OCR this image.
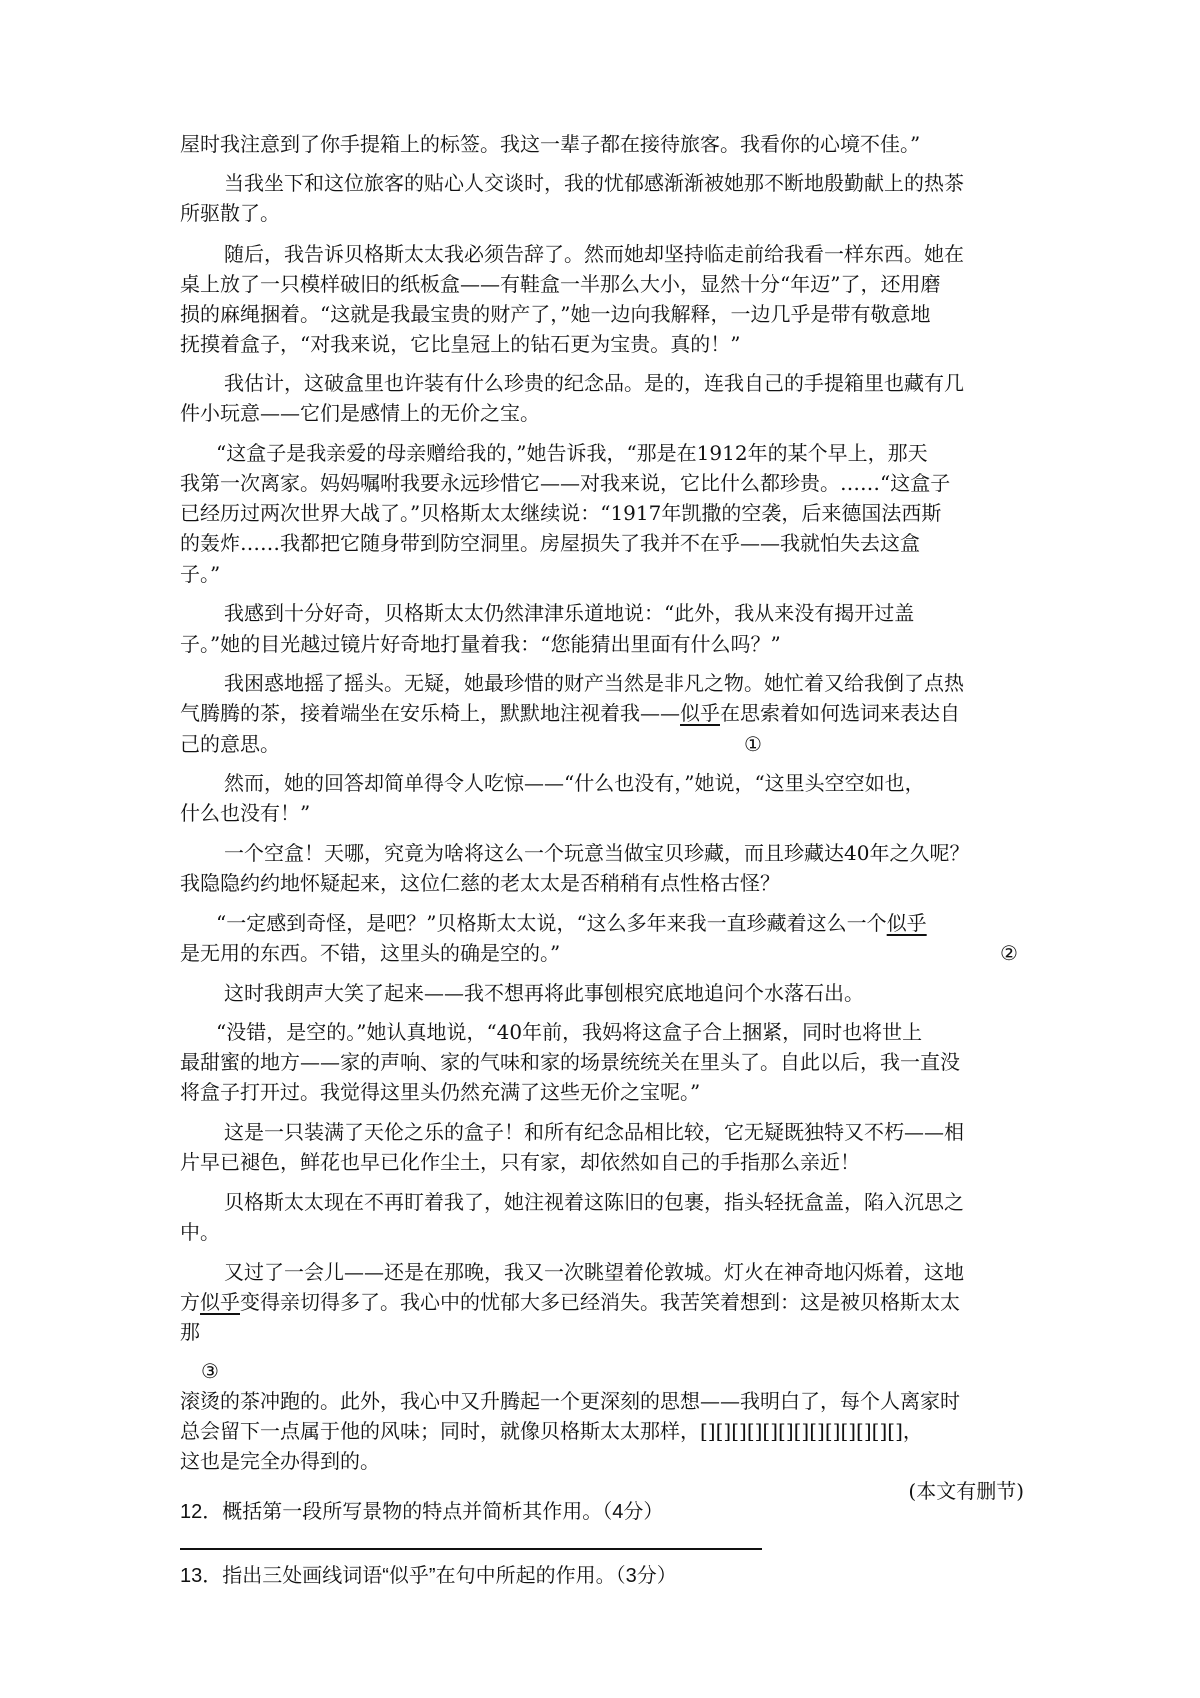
屋时我注意到了你手提箱上的标签。我这一辈子都在接待旅客。我看你的心境不佳。”
当我坐下和这位旅客的贴心人交谈时，我的忧郁感渐渐被她那不断地殷勤献上的热茶
所驱散了。
随后，我告诉贝格斯太太我必须告辞了。然而她却坚持临走前给我看一样东西。她在
桌上放了一只模样破旧的纸板盒——有鞋盒一半那么大小，显然十分“年迈”了，还用磨
损的麻绳捆着。“这就是我最宝贵的财产了，”她一边向我解释，一边几乎是带有敬意地
抚摸着盒子，“对我来说，它比皇冠上的钻石更为宝贵。真的！”
我估计，这破盒里也许装有什么珍贵的纪念品。是的，连我自己的手提箱里也藏有几
件小玩意——它们是感情上的无价之宝。
“这盒子是我亲爱的母亲赠给我的，”她告诉我，“那是在1912年的某个早上，那天
我第一次离家。妈妈嘱咐我要永远珍惜它——对我来说，它比什么都珍贵。……“这盒子
已经历过两次世界大战了。”贝格斯太太继续说：“1917年凯撒的空袭，后来德国法西斯
的轰炸……我都把它随身带到防空洞里。房屋损失了我并不在乎——我就怕失去这盒
子。”
我感到十分好奇，贝格斯太太仍然津津乐道地说：“此外，我从来没有揭开过盖
子。”她的目光越过镜片好奇地打量着我：“您能猜出里面有什么吗？”
我困惑地摇了摇头。无疑，她最珍惜的财产当然是非凡之物。她忙着又给我倒了点热
气腾腾的茶，接着端坐在安乐椅上，默默地注视着我——似乎在思索着如何选词来表达自
己的意思。	①
然而，她的回答却简单得令人吃惊——“什么也没有，”她说，“这里头空空如也，
什么也没有！”
一个空盒！天哪，究竟为啥将这么一个玩意当做宝贝珍藏，而且珍藏达40年之久呢？
我隐隐约约地怀疑起来，这位仁慈的老太太是否稍稍有点性格古怪？
“一定感到奇怪，是吧？”贝格斯太太说，“这么多年来我一直珍藏着这么一个似乎
是无用的东西。不错，这里头的确是空的。”	②
这时我朗声大笑了起来——我不想再将此事刨根究底地追问个水落石出。
“没错，是空的。”她认真地说，“40年前，我妈将这盒子合上捆紧，同时也将世上
最甜蜜的地方——家的声响、家的气味和家的场景统统关在里头了。自此以后，我一直没
将盒子打开过。我觉得这里头仍然充满了这些无价之宝呢。”
这是一只装满了天伦之乐的盒子！和所有纪念品相比较，它无疑既独特又不朽——相
片早已褪色，鲜花也早已化作尘土，只有家，却依然如自己的手指那么亲近！
贝格斯太太现在不再盯着我了，她注视着这陈旧的包裹，指头轻抚盒盖，陷入沉思之
中。
又过了一会儿——还是在那晚，我又一次眺望着伦敦城。灯火在神奇地闪烁着，这地
方似乎变得亲切得多了。我心中的忧郁大多已经消失。我苦笑着想到：这是被贝格斯太太
那
③
滚烫的茶冲跑的。此外，我心中又升腾起一个更深刻的思想——我明白了，每个人离家时
总会留下一点属于他的风味；同时，就像贝格斯太太那样，[][][][][][][][][][][][][]，
这也是完全办得到的。
(本文有删节)
12．概括第一段所写景物的特点并简析其作用。（4分）
13．指出三处画线词语“似乎”在句中所起的作用。（3分）
